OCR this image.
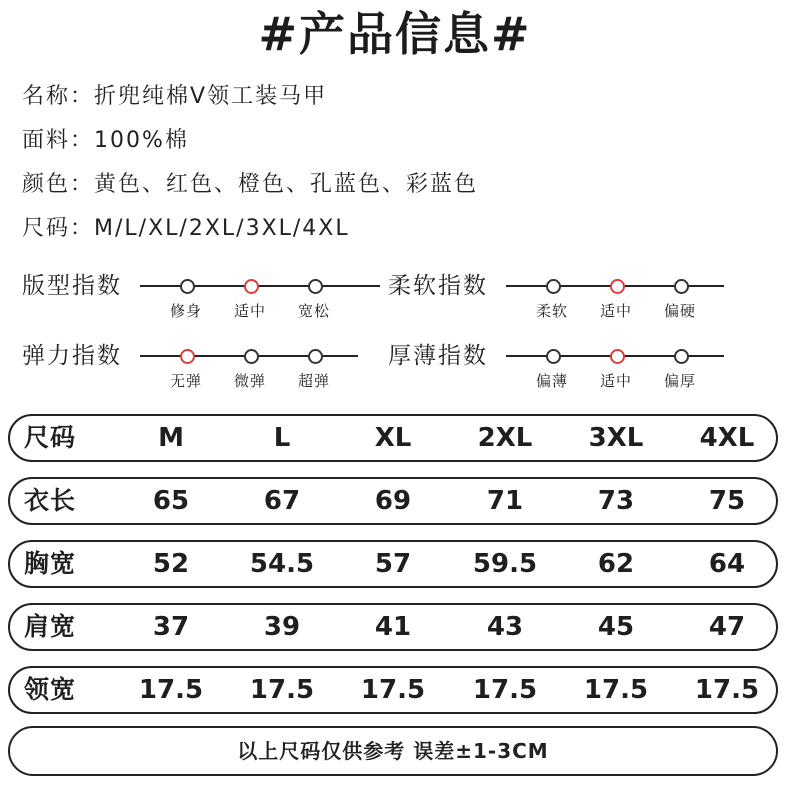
#产品信息#
名称 ： 折兜纯棉V领工装马甲
面料 ： 100%棉
颜色 ： 黄色、红色、橙色、孔蓝色、彩蓝色
尺码 ： M/L/XL/2XL/3XL/4XL
版型指数
修身	适中	宽松
柔软指数
柔软	适中	偏硬
弹力指数
无弹	微弹	超弹
厚薄指数
偏薄	适中	偏厚
尺码	M	L	XL	2XL	3XL	4XL
衣长	65	67	69	71	73	75
胸宽	52	54.5	57	59.5	62	64
肩宽	37	39	41	43	45	47
领宽	17.5	17.5	17.5	17.5	17.5	17.5
以上尺码仅供参考 误差±1-3CM
